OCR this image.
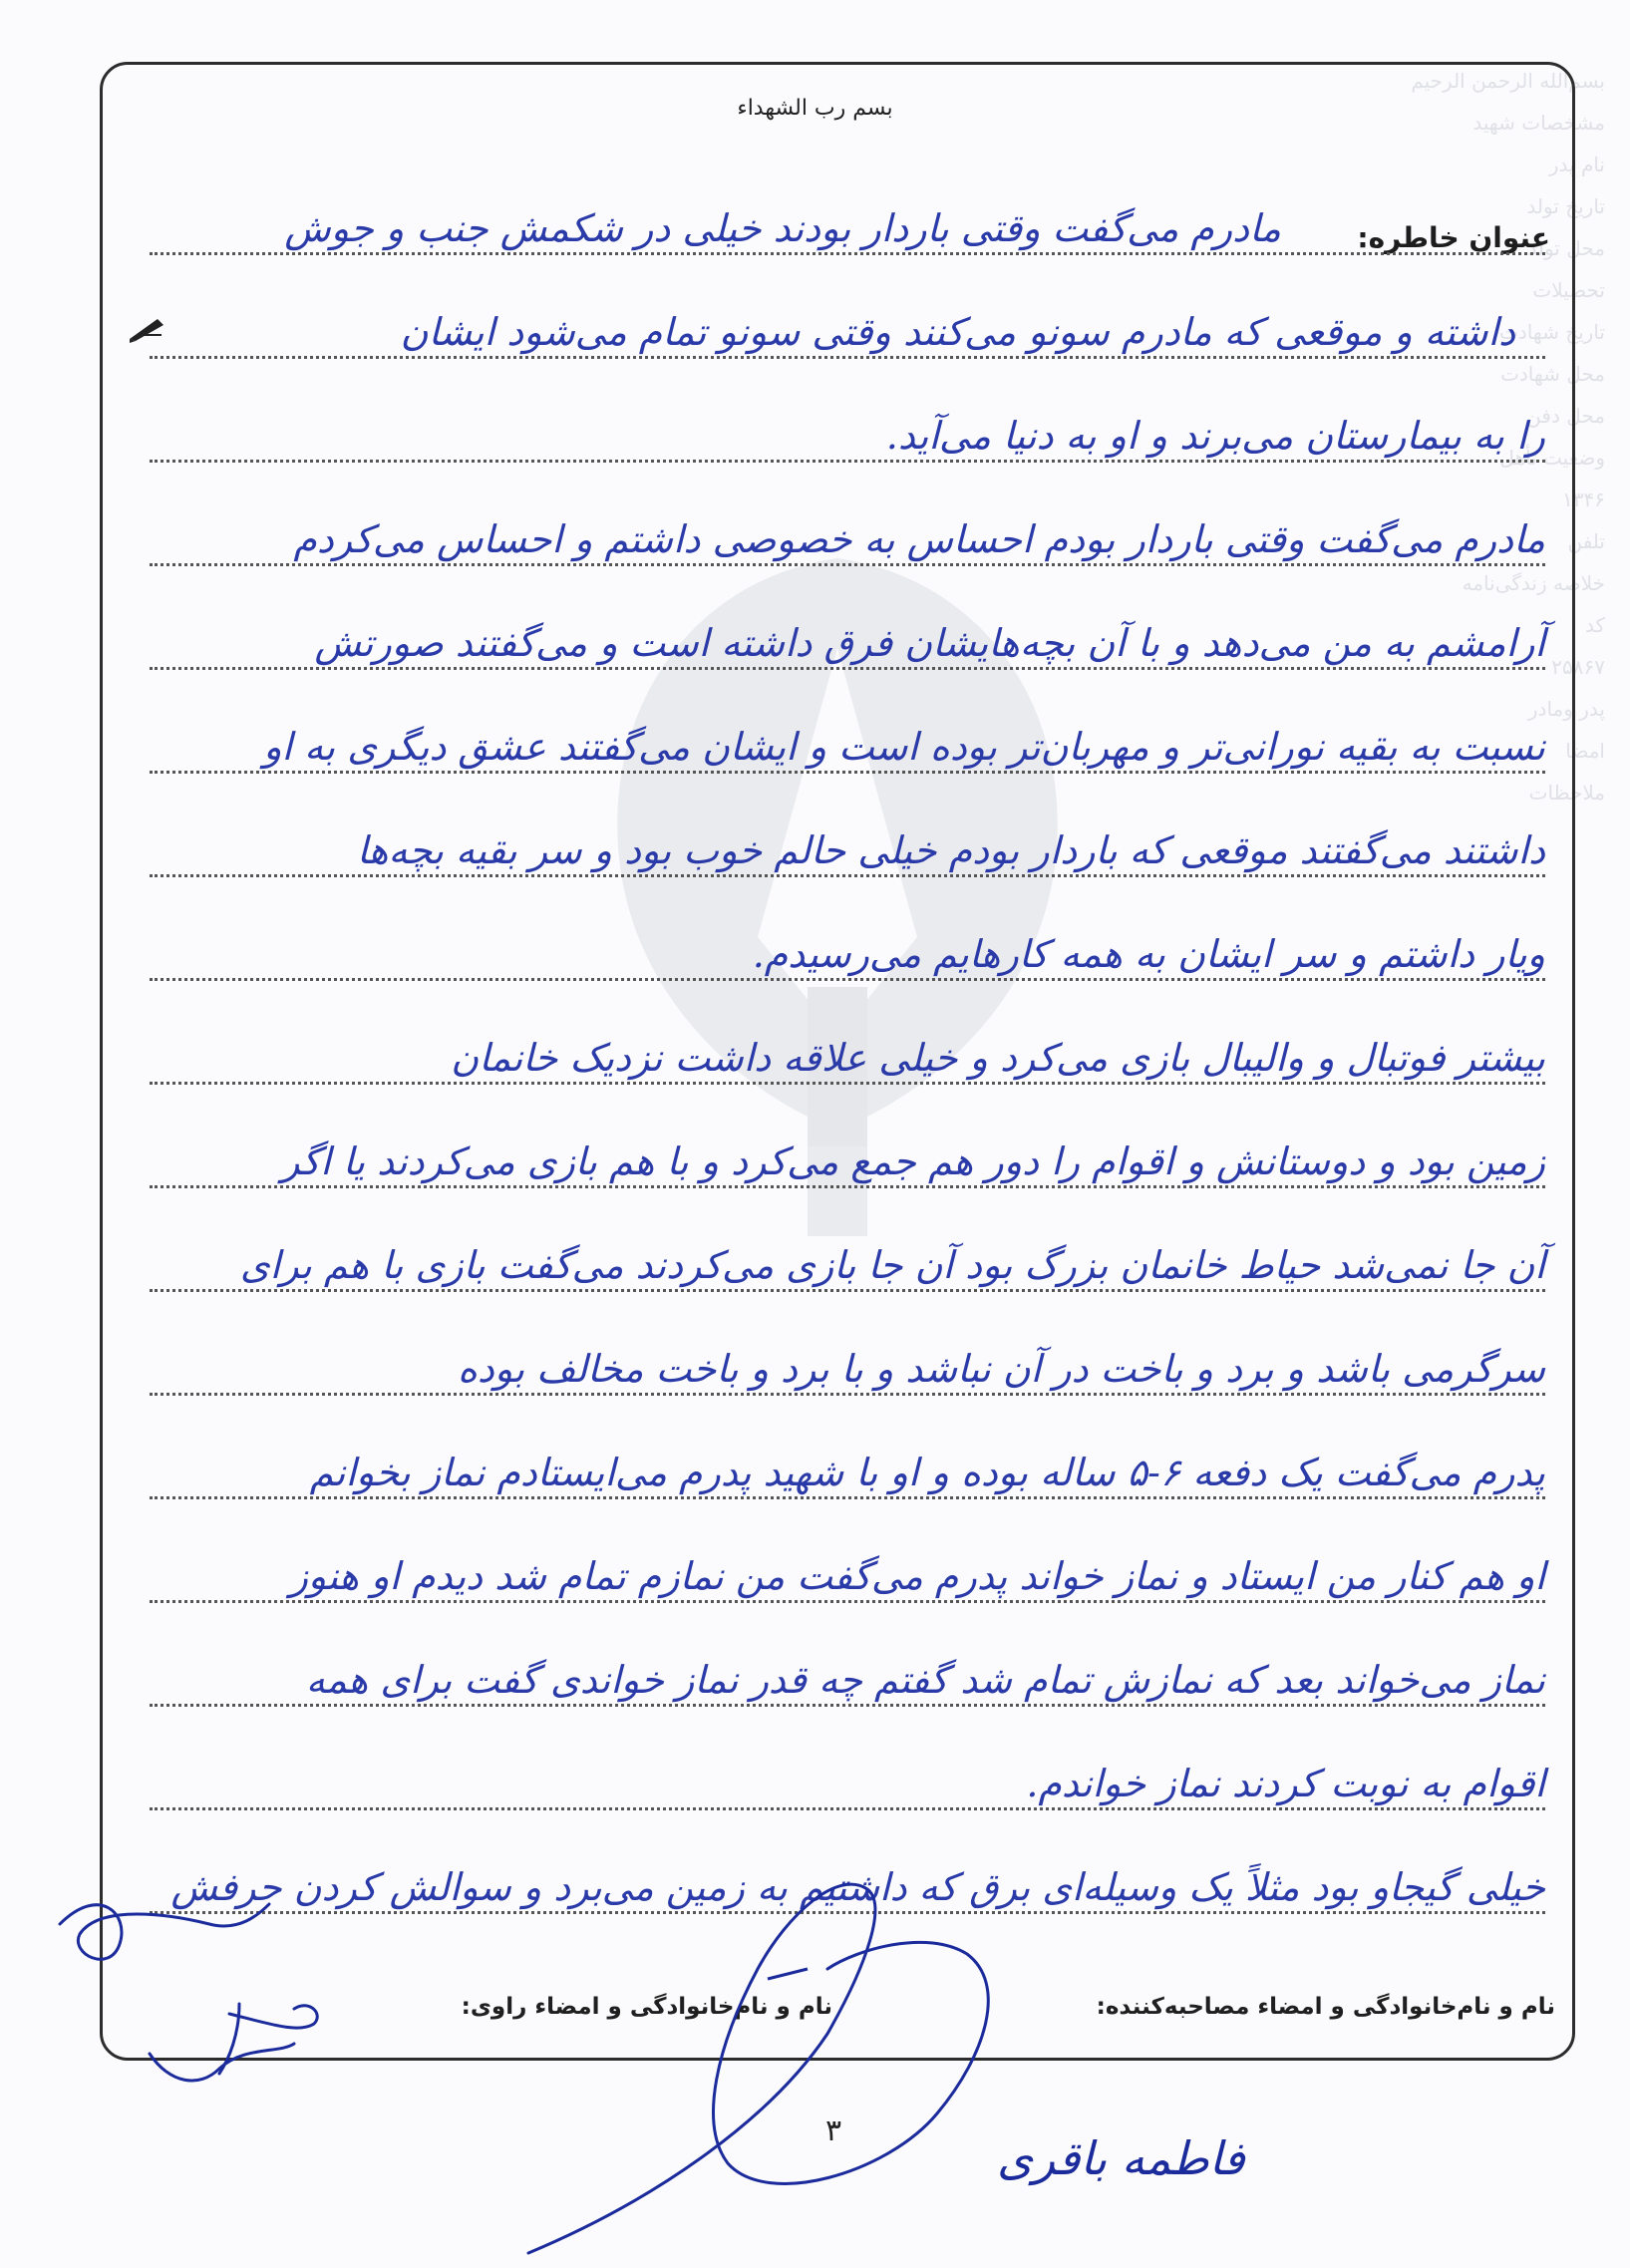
بسم‌الله الرحمن الرحیم
مشخصات شهید
نام پدر
تاریخ تولد
محل تولد
تحصیلات
تاریخ شهادت
محل شهادت
محل دفن
وضعیت تأهل
۱۳۴۶
تلفن
خلاصه زندگی‌نامه
کد
۲۵۸۶۷
پدر ومادر
امضا
ملاحظات
بسم رب الشهداء
عنوان خاطره:
مادرم می‌گفت وقتی باردار بودند خیلی در شکمش جنب و جوش
داشته و موقعی که مادرم سونو می‌کنند وقتی سونو تمام می‌شود ایشان
را به بیمارستان می‌برند و او به دنیا می‌آید.
مادرم می‌گفت وقتی باردار بودم احساس به خصوصی داشتم و احساس می‌کردم
آرامشم به من می‌دهد و با آن بچه‌هایشان فرق داشته است و می‌گفتند صورتش
نسبت به بقیه نورانی‌تر و مهربان‌تر بوده است و ایشان می‌گفتند عشق دیگری به او
داشتند می‌گفتند موقعی که باردار بودم خیلی حالم خوب بود و سر بقیه بچه‌ها
ویار داشتم و سر ایشان به همه کارهایم می‌رسیدم.
بیشتر فوتبال و والیبال بازی می‌کرد و خیلی علاقه داشت نزدیک خانمان
زمین بود و دوستانش و اقوام را دور هم جمع می‌کرد و با هم بازی می‌کردند یا اگر
آن جا نمی‌شد حیاط خانمان بزرگ بود آن جا بازی می‌کردند می‌گفت بازی با هم برای
سرگرمی باشد و برد و باخت در آن نباشد و با برد و باخت مخالف بوده
پدرم می‌گفت یک دفعه ۶-۵ ساله بوده و او با شهید پدرم می‌ایستادم نماز بخوانم
او هم کنار من ایستاد و نماز خواند پدرم می‌گفت من نمازم تمام شد دیدم او هنوز
نماز می‌خواند بعد که نمازش تمام شد گفتم چه قدر نماز خواندی گفت برای همه
اقوام به نوبت کردند نماز خواندم.
خیلی گیجاو بود مثلاً یک وسیله‌ای برق که داشتیم به زمین می‌برد و سوالش کردن حرفش
نام و نام‌خانوادگی و امضاء مصاحبه‌کننده:
نام و نام‌خانوادگی و امضاء راوی:
فاطمه باقری
۳
